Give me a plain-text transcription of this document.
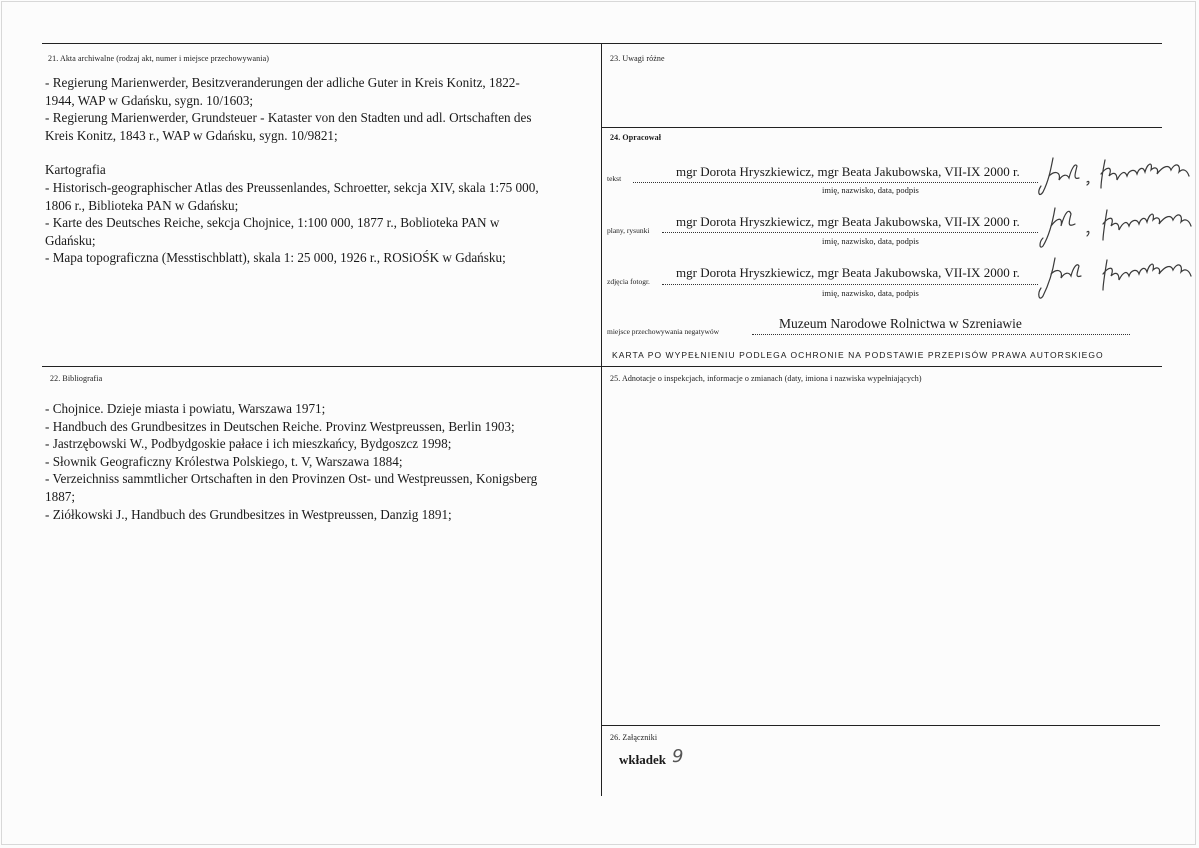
21. Akta archiwalne (rodzaj akt, numer i miejsce przechowywania)
- Regierung Marienwerder, Besitzveranderungen der adliche Guter in Kreis Konitz, 1822-
1944, WAP w Gdańsku, sygn. 10/1603;
- Regierung Marienwerder, Grundsteuer - Kataster von den Stadten und adl. Ortschaften des
Kreis Konitz, 1843 r., WAP w Gdańsku, sygn. 10/9821;
Kartografia
- Historisch-geographischer Atlas des Preussenlandes, Schroetter, sekcja XIV, skala 1:75 000,
1806 r., Biblioteka PAN w Gdańsku;
- Karte des Deutsches Reiche, sekcja Chojnice, 1:100 000, 1877 r., Boblioteka PAN w
Gdańsku;
- Mapa topograficzna (Messtischblatt), skala 1: 25 000, 1926 r., ROSiOŚK w Gdańsku;
22. Bibliografia
- Chojnice. Dzieje miasta i powiatu, Warszawa 1971;
- Handbuch des Grundbesitzes in Deutschen Reiche. Provinz Westpreussen, Berlin 1903;
- Jastrzębowski W., Podbydgoskie pałace i ich mieszkańcy, Bydgoszcz 1998;
- Słownik Geograficzny Królestwa Polskiego, t. V, Warszawa 1884;
- Verzeichniss sammtlicher Ortschaften in den Provinzen Ost- und Westpreussen, Konigsberg
1887;
- Ziółkowski J., Handbuch des Grundbesitzes in Westpreussen, Danzig 1891;
23. Uwagi różne
24. Opracował
tekst	mgr Dorota Hryszkiewicz, mgr Beata Jakubowska, VII-IX 2000 r.
imię, nazwisko, data, podpis
plany, rysunki
mgr Dorota Hryszkiewicz, mgr Beata Jakubowska, VII-IX 2000 r.
imię, nazwisko, data, podpis
zdjęcia fotogr.
mgr Dorota Hryszkiewicz, mgr Beata Jakubowska, VII-IX 2000 r.
imię, nazwisko, data, podpis
miejsce przechowywania negatywów
Muzeum Narodowe Rolnictwa w Szreniawie
KARTA PO WYPEŁNIENIU PODLEGA OCHRONIE NA PODSTAWIE PRZEPISÓW PRAWA AUTORSKIEGO
25. Adnotacje o inspekcjach, informacje o zmianach (daty, imiona i nazwiska wypełniających)
26. Załączniki
wkładek 9
